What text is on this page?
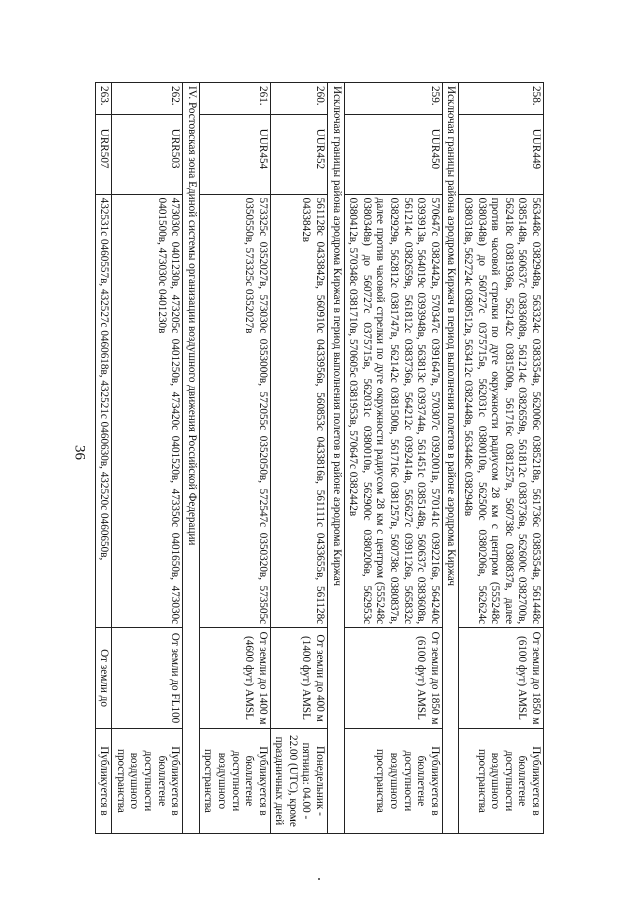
36
258.	UUR449	563448с 0382948в, 563324с 0383354в, 562006с 0385218в, 561736с 0385354в, 561448с 0385148в, 560637с 0383608в, 561214с 0382659в, 561812с 0383736в, 562600с 0382700в, 562418с 0381936в, 562142с 0381500в, 561716с 0381257в, 560738с 0380837в, далее против часовой стрелки по дуге окружности радиусом 28 км с центром (555248с 0380348в) до 560727с 0375715в, 562031с 0380010в, 562500с 0380206в, 562624с 0380318в, 562724с 0380512в, 563412с 0382448в, 563448с 0382948в	От земли до 1850 м (6100 фут) AMSL	Публикуется в бюллетене доступности воздушного пространства
Исключая границы района аэродрома Киржач в период выполнения полетов в районе аэродрома Киржач				
259.	UUR450	570647с 0382442в, 570347с 0391647в, 570307с 0392001в, 570141с 0392216в, 564240с 0393913в, 564019с 0393948в, 563813с 0393744в, 561451с 0385148в, 560637с 0383608в, 561214с 0382659в, 561812с 0383736в, 564212с 0392414в, 565627с 0391126в, 565832с 0382929в, 562812с 0381747в, 562142с 0381500в, 561716с 0381257в, 560738с 0380837в, далее против часовой стрелки по дуге окружности радиусом 28 км с центром (555248с 0380348в) до 560727с 0375715в, 562031с 0380010в, 562900с 0380206в, 562953с 0380412в, 570348с 0381710в, 570605с 0381953в, 570647с 0382442в	От земли до 1850 м (6100 фут) AMSL	Публикуется в бюллетене доступности воздушного пространства
Исключая границы района аэродрома Киржач в период выполнения полетов в районе аэродрома Киржач				
260.	UUR452	561128с 0433842в, 560910с 0433956в, 560853с 0433816в, 561111с 0433655в, 561128с 0433842в	От земли до 400 м (1400 фут) AMSL	Понедельник - пятница: 04.00 - 22.00 (UTC), кроме праздничных дней
261.	UUR454	573325с 0352027в, 573030с 0353000в, 572055с 0352050в, 572547с 0350320в, 573505с 0350550в, 573325с 0352027в	От земли до 1400 м (4600 фут) AMSL	Публикуется в бюллетене доступности воздушного пространства
IV. Ростовская зона Единой системы организации воздушного движения Российской Федерации				
262.	URR503	473030с 0401230в, 473205с 0401250в, 473420с 0401520в, 473350с 0401650в, 473030с 0401500в, 473030с 0401230в	От земли до FL100	Публикуется в бюллетене доступности воздушного пространства
263.	URR507	432531с 0460557в, 432527с 0460618в, 432521с 0460630в, 432520с 0460650в,	От земли до	Публикуется в
